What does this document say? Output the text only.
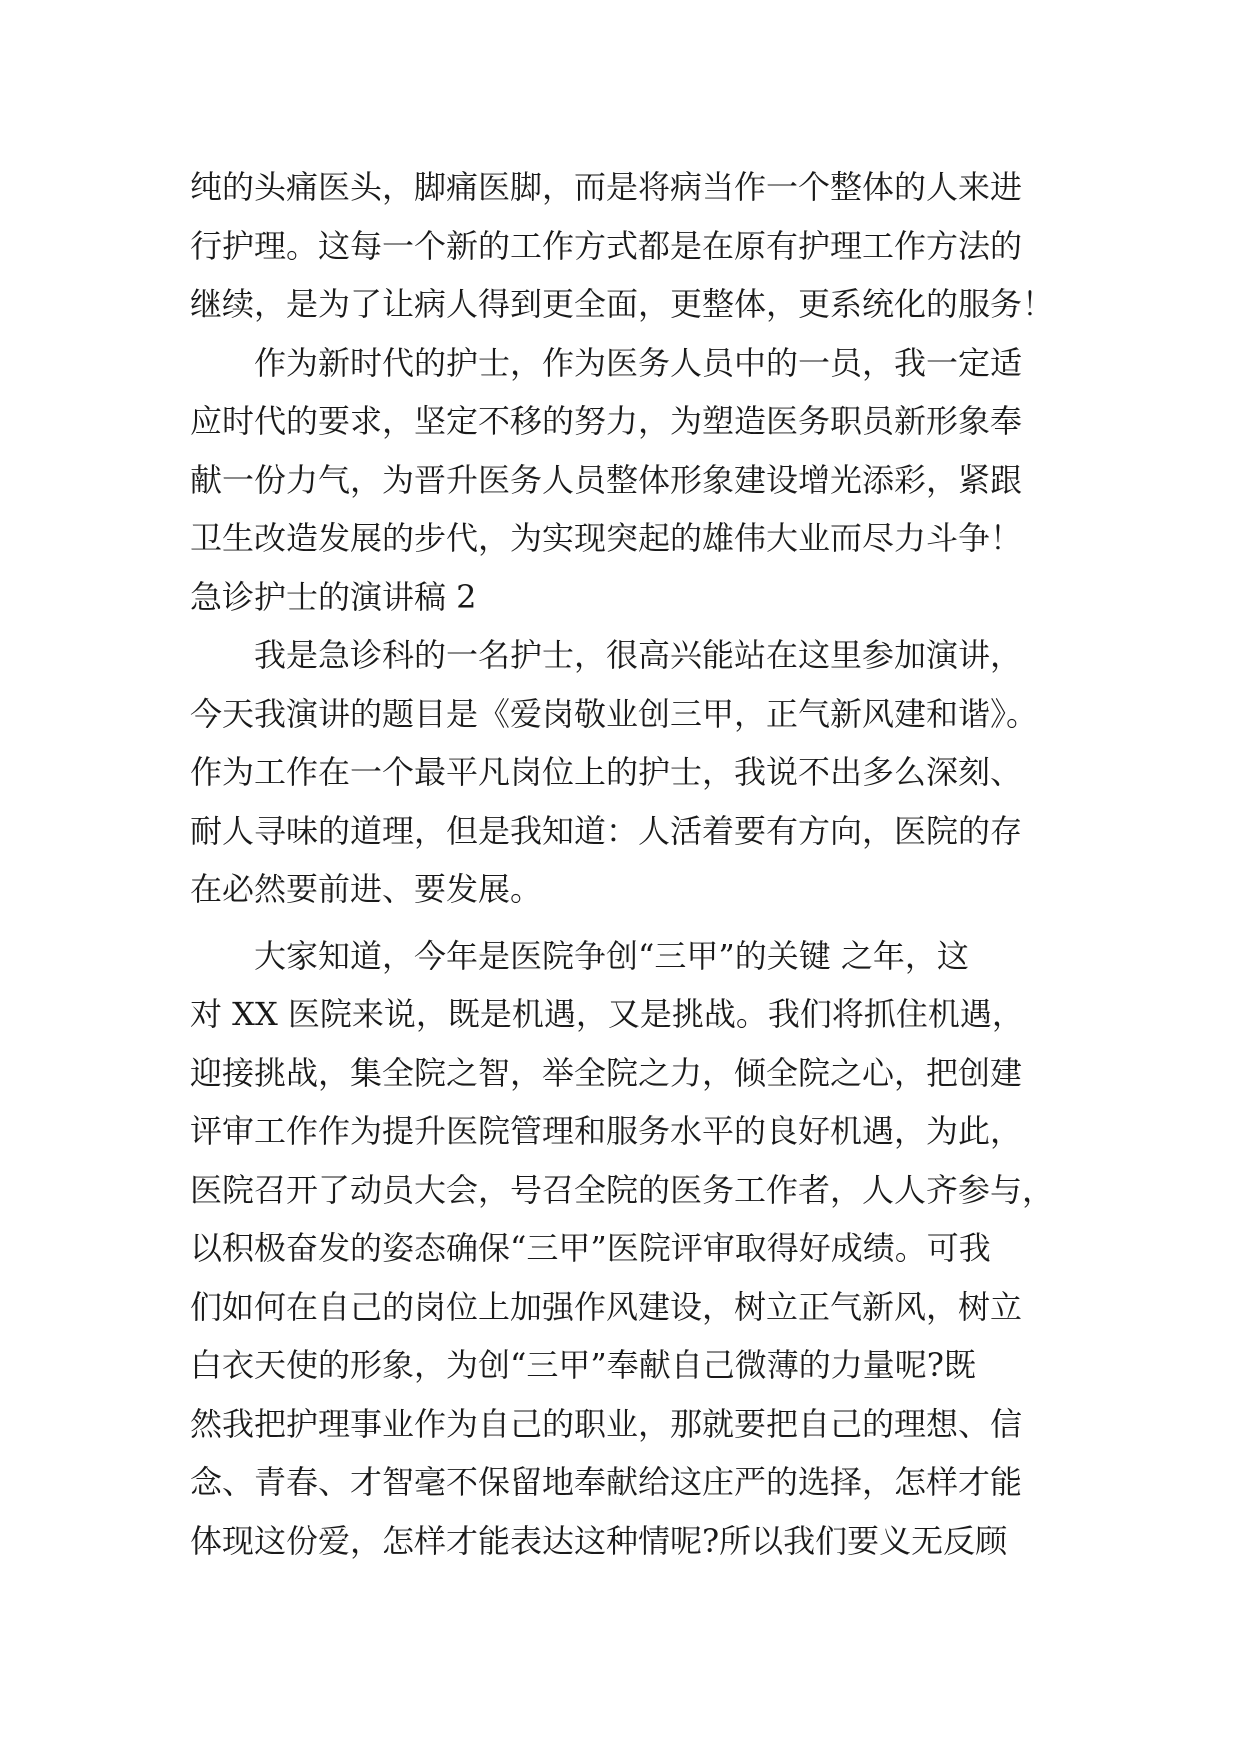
纯的头痛医头，脚痛医脚，而是将病当作一个整体的人来进
行护理。这每一个新的工作方式都是在原有护理工作方法的
继续，是为了让病人得到更全面，更整体，更系统化的服务！
作为新时代的护士，作为医务人员中的一员，我一定适
应时代的要求，坚定不移的努力，为塑造医务职员新形象奉
献一份力气，为晋升医务人员整体形象建设增光添彩，紧跟
卫生改造发展的步代，为实现突起的雄伟大业而尽力斗争！
急诊护士的演讲稿 2
我是急诊科的一名护士，很高兴能站在这里参加演讲，
今天我演讲的题目是《爱岗敬业创三甲，正气新风建和谐》。
作为工作在一个最平凡岗位上的护士，我说不出多么深刻、
耐人寻味的道理，但是我知道：人活着要有方向，医院的存
在必然要前进、要发展。
大家知道，今年是医院争创“三甲”的关键 之年，这
对 XX 医院来说，既是机遇，又是挑战。我们将抓住机遇，
迎接挑战，集全院之智，举全院之力，倾全院之心，把创建
评审工作作为提升医院管理和服务水平的良好机遇，为此，
医院召开了动员大会，号召全院的医务工作者，人人齐参与，
以积极奋发的姿态确保“三甲”医院评审取得好成绩。可我
们如何在自己的岗位上加强作风建设，树立正气新风，树立
白衣天使的形象，为创“三甲”奉献自己微薄的力量呢?既
然我把护理事业作为自己的职业，那就要把自己的理想、信
念、青春、才智毫不保留地奉献给这庄严的选择，怎样才能
体现这份爱，怎样才能表达这种情呢?所以我们要义无反顾
